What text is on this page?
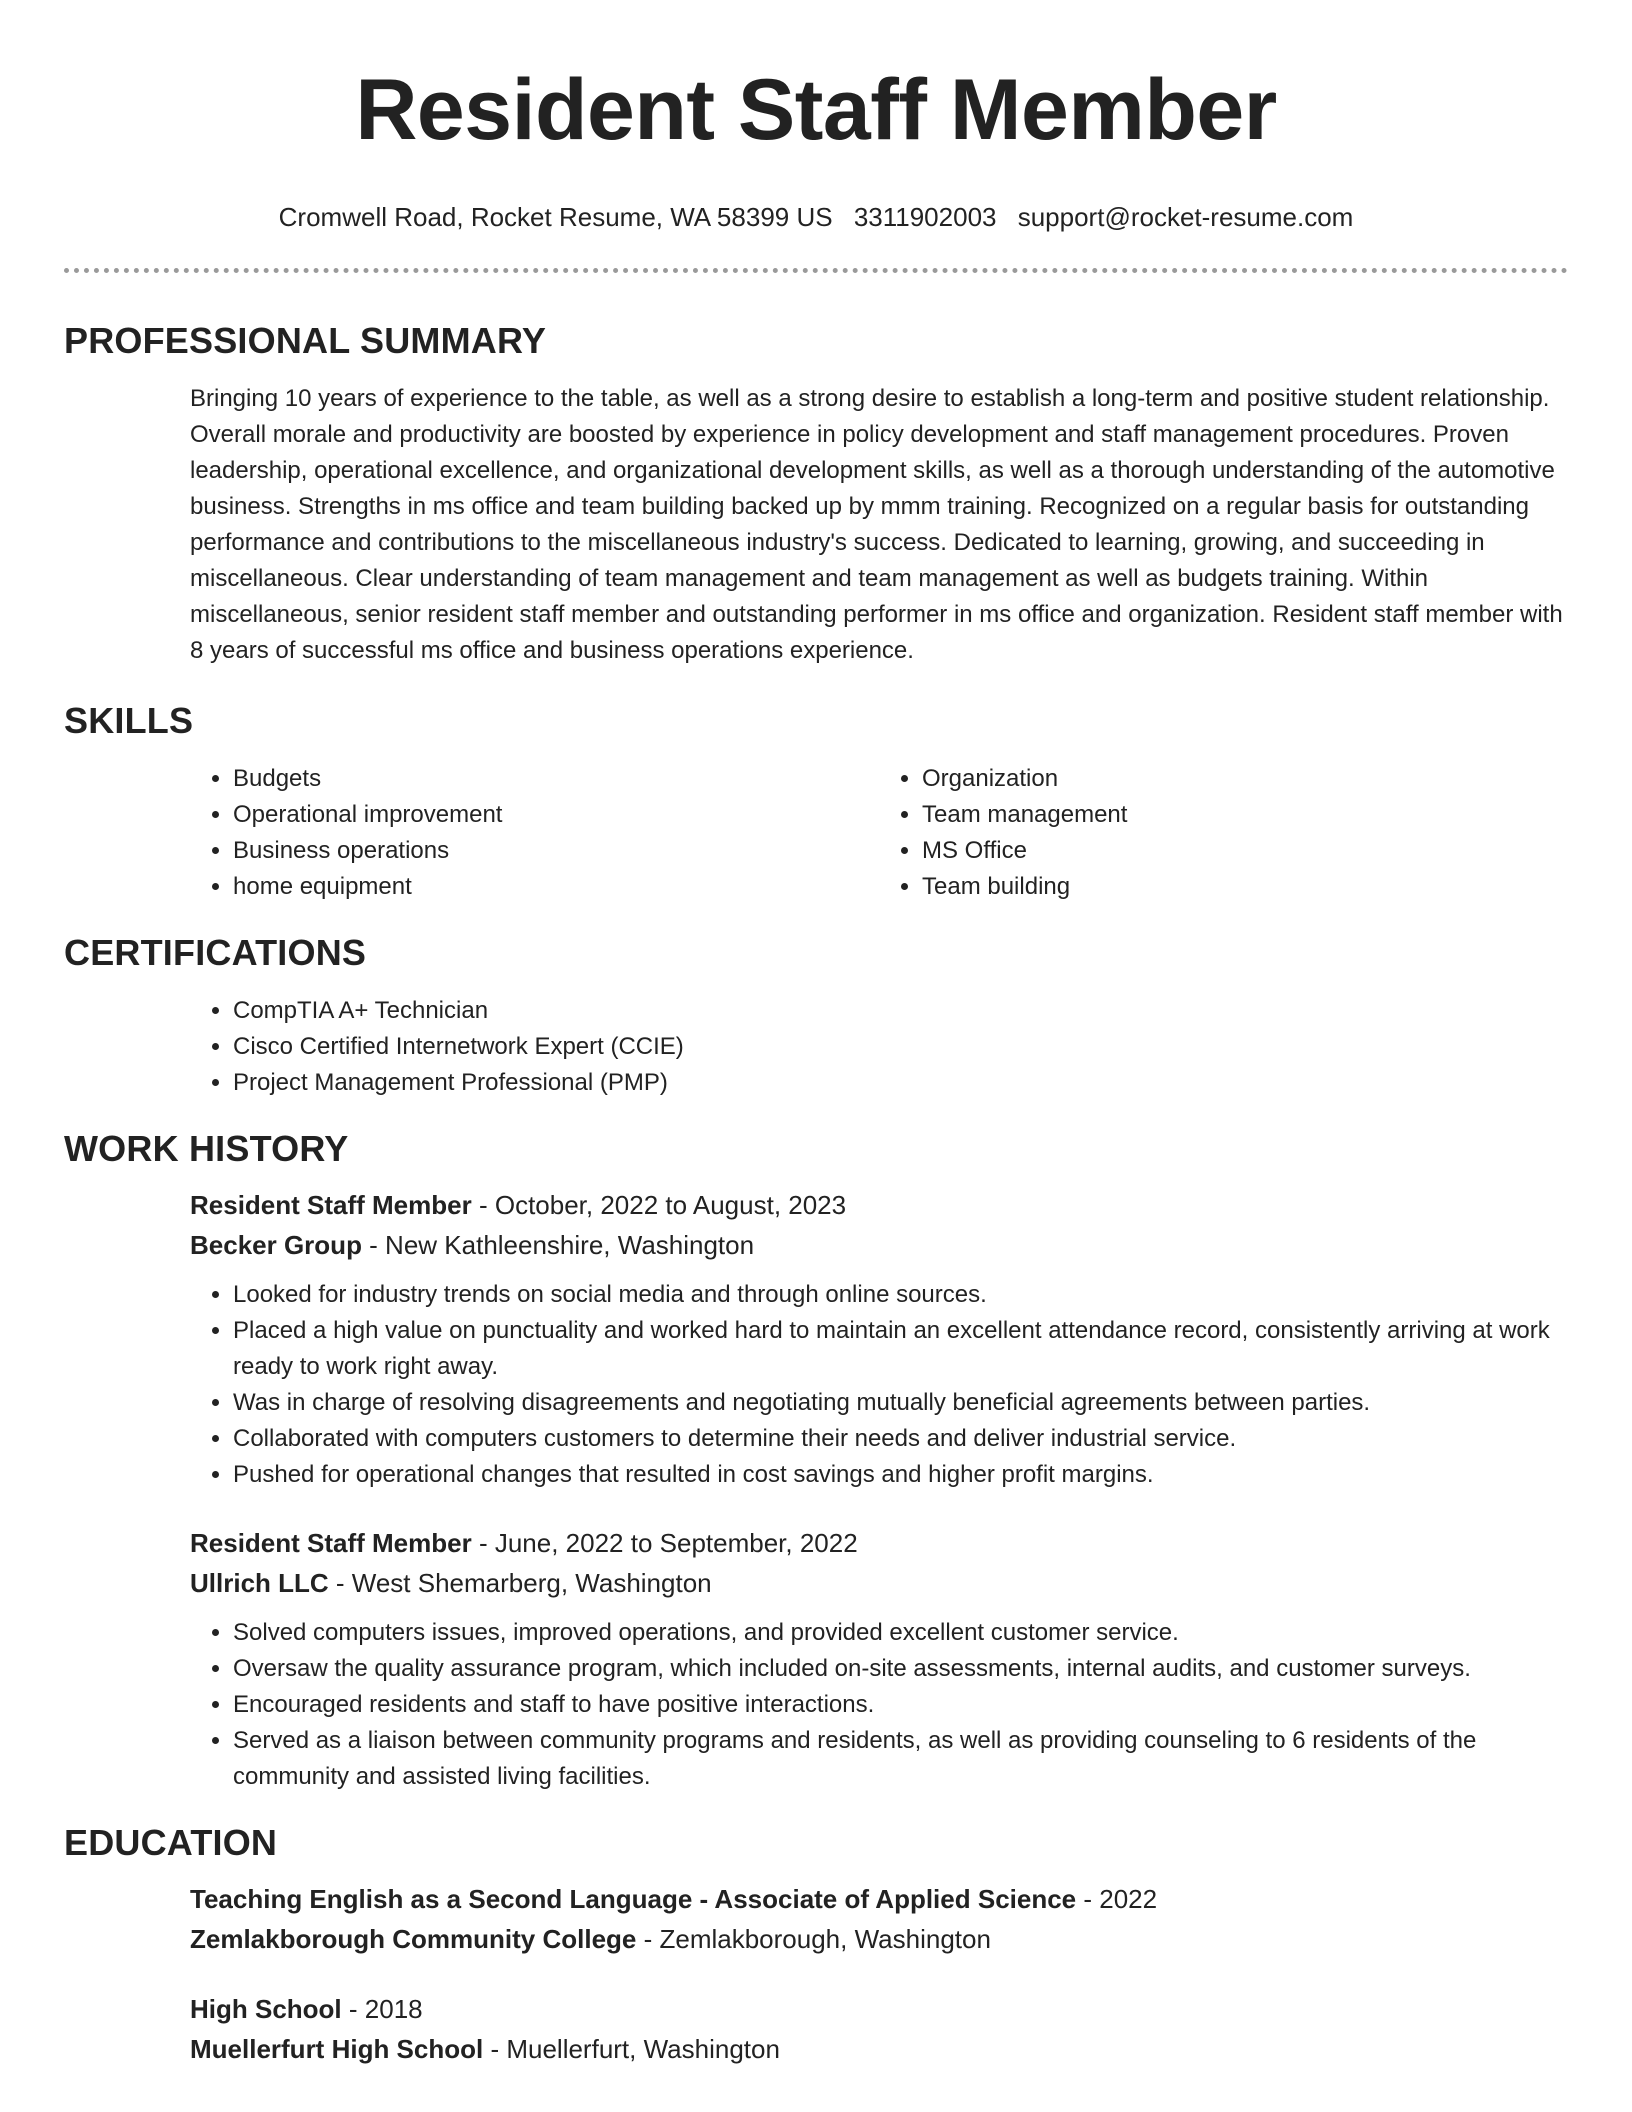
Resident Staff Member
Cromwell Road, Rocket Resume, WA 58399 US 3311902003 support@rocket-resume.com
PROFESSIONAL SUMMARY

Bringing 10 years of experience to the table, as well as a strong desire to establish a long-term and positive student relationship. Overall morale and productivity are boosted by experience in policy development and staff management procedures. Proven leadership, operational excellence, and organizational development skills, as well as a thorough understanding of the automotive business. Strengths in ms office and team building backed up by mmm training. Recognized on a regular basis for outstanding performance and contributions to the miscellaneous industry's success. Dedicated to learning, growing, and succeeding in miscellaneous. Clear understanding of team management and team management as well as budgets training. Within miscellaneous, senior resident staff member and outstanding performer in ms office and organization. Resident staff member with 8 years of successful ms office and business operations experience.

SKILLS
• Budgets
• Operational improvement
• Business operations
• home equipment
• Organization
• Team management
• MS Office
• Team building
CERTIFICATIONS
• CompTIA A+ Technician
• Cisco Certified Internetwork Expert (CCIE)
• Project Management Professional (PMP)
WORK HISTORY
Resident Staff Member - October, 2022 to August, 2023
Becker Group - New Kathleenshire, Washington
• Looked for industry trends on social media and through online sources.
• Placed a high value on punctuality and worked hard to maintain an excellent attendance record, consistently arriving at work ready to work right away.
• Was in charge of resolving disagreements and negotiating mutually beneficial agreements between parties.
• Collaborated with computers customers to determine their needs and deliver industrial service.
• Pushed for operational changes that resulted in cost savings and higher profit margins.
Resident Staff Member - June, 2022 to September, 2022
Ullrich LLC - West Shemarberg, Washington
• Solved computers issues, improved operations, and provided excellent customer service.
• Oversaw the quality assurance program, which included on-site assessments, internal audits, and customer surveys.
• Encouraged residents and staff to have positive interactions.
• Served as a liaison between community programs and residents, as well as providing counseling to 6 residents of the community and assisted living facilities.
EDUCATION
Teaching English as a Second Language - Associate of Applied Science - 2022
Zemlakborough Community College - Zemlakborough, Washington
High School - 2018
Muellerfurt High School - Muellerfurt, Washington
